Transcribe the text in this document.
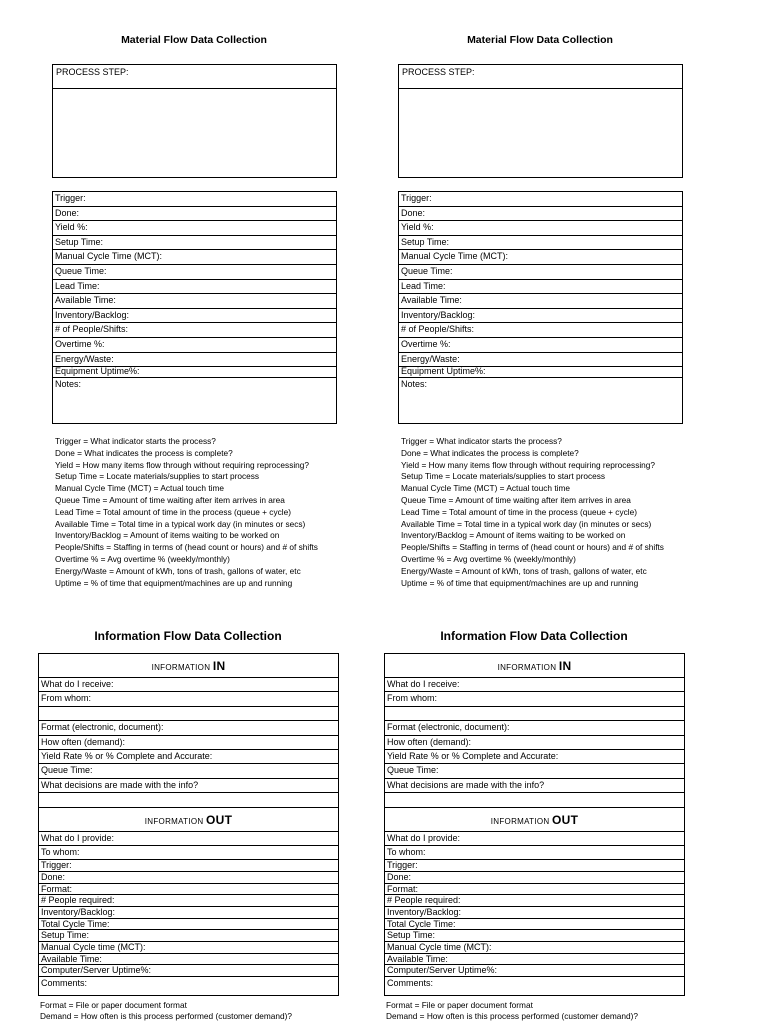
Material Flow Data Collection
PROCESS STEP:
Trigger:
Done:
Yield %:
Setup Time:
Manual Cycle Time (MCT):
Queue Time:
Lead Time:
Available Time:
Inventory/Backlog:
# of People/Shifts:
Overtime %:
Energy/Waste:
Equipment Uptime%:
Notes:
Trigger = What indicator starts the process?
Done = What indicates the process is complete?
Yield = How many items flow through without requiring reprocessing?
Setup Time = Locate materials/supplies to start process
Manual Cycle Time (MCT) = Actual touch time
Queue Time = Amount of time waiting after item arrives in area
Lead Time = Total amount of time in the process (queue + cycle)
Available Time = Total time in a typical work day (in minutes or secs)
Inventory/Backlog = Amount of items waiting to be worked on
People/Shifts = Staffing in terms of (head count or hours) and # of shifts
Overtime % = Avg overtime % (weekly/monthly)
Energy/Waste = Amount of kWh, tons of trash, gallons of water, etc
Uptime = % of time that equipment/machines are up and running
Information Flow Data Collection
INFORMATION IN
What do I receive:
From whom:
Format (electronic, document):
How often (demand):
Yield Rate % or % Complete and Accurate:
Queue Time:
What decisions are made with the info?
INFORMATION OUT
What do I provide:
To whom:
Trigger:
Done:
Format:
# People required:
Inventory/Backlog:
Total Cycle Time:
Setup Time:
Manual Cycle time (MCT):
Available Time:
Computer/Server Uptime%:
Comments:
Format = File or paper document format
Demand = How often is this process performed (customer demand)?
Material Flow Data Collection
PROCESS STEP:
Trigger:
Done:
Yield %:
Setup Time:
Manual Cycle Time (MCT):
Queue Time:
Lead Time:
Available Time:
Inventory/Backlog:
# of People/Shifts:
Overtime %:
Energy/Waste:
Equipment Uptime%:
Notes:
Trigger = What indicator starts the process?
Done = What indicates the process is complete?
Yield = How many items flow through without requiring reprocessing?
Setup Time = Locate materials/supplies to start process
Manual Cycle Time (MCT) = Actual touch time
Queue Time = Amount of time waiting after item arrives in area
Lead Time = Total amount of time in the process (queue + cycle)
Available Time = Total time in a typical work day (in minutes or secs)
Inventory/Backlog = Amount of items waiting to be worked on
People/Shifts = Staffing in terms of (head count or hours) and # of shifts
Overtime % = Avg overtime % (weekly/monthly)
Energy/Waste = Amount of kWh, tons of trash, gallons of water, etc
Uptime = % of time that equipment/machines are up and running
Information Flow Data Collection
INFORMATION IN
What do I receive:
From whom:
Format (electronic, document):
How often (demand):
Yield Rate % or % Complete and Accurate:
Queue Time:
What decisions are made with the info?
INFORMATION OUT
What do I provide:
To whom:
Trigger:
Done:
Format:
# People required:
Inventory/Backlog:
Total Cycle Time:
Setup Time:
Manual Cycle time (MCT):
Available Time:
Computer/Server Uptime%:
Comments:
Format = File or paper document format
Demand = How often is this process performed (customer demand)?
